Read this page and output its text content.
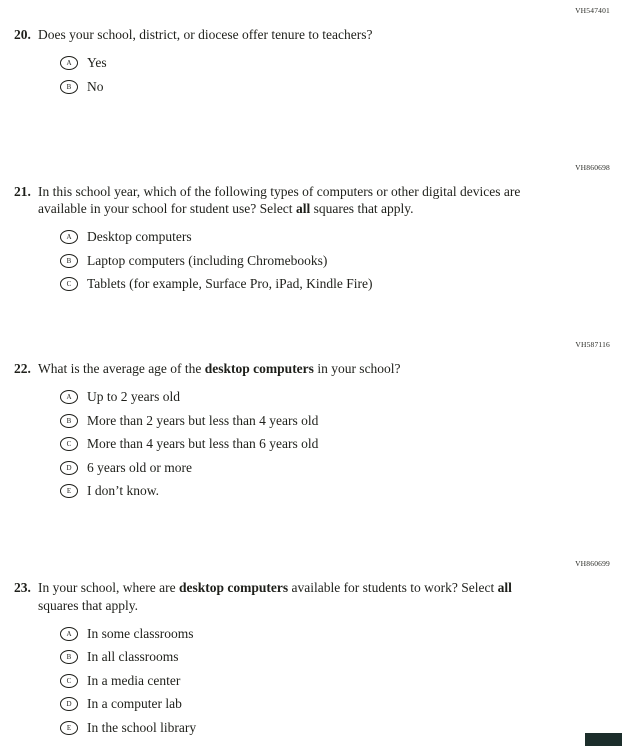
VH547401
20. Does your school, district, or diocese offer tenure to teachers?
A	Yes
B	No
VH860698
21. In this school year, which of the following types of computers or other digital devices are available in your school for student use? Select all squares that apply.
A	Desktop computers
B	Laptop computers (including Chromebooks)
C	Tablets (for example, Surface Pro, iPad, Kindle Fire)
VH587116
22. What is the average age of the desktop computers in your school?
A	Up to 2 years old
B	More than 2 years but less than 4 years old
C	More than 4 years but less than 6 years old
D	6 years old or more
E	I don’t know.
VH860699
23. In your school, where are desktop computers available for students to work? Select all squares that apply.
A	In some classrooms
B	In all classrooms
C	In a media center
D	In a computer lab
E	In the school library
